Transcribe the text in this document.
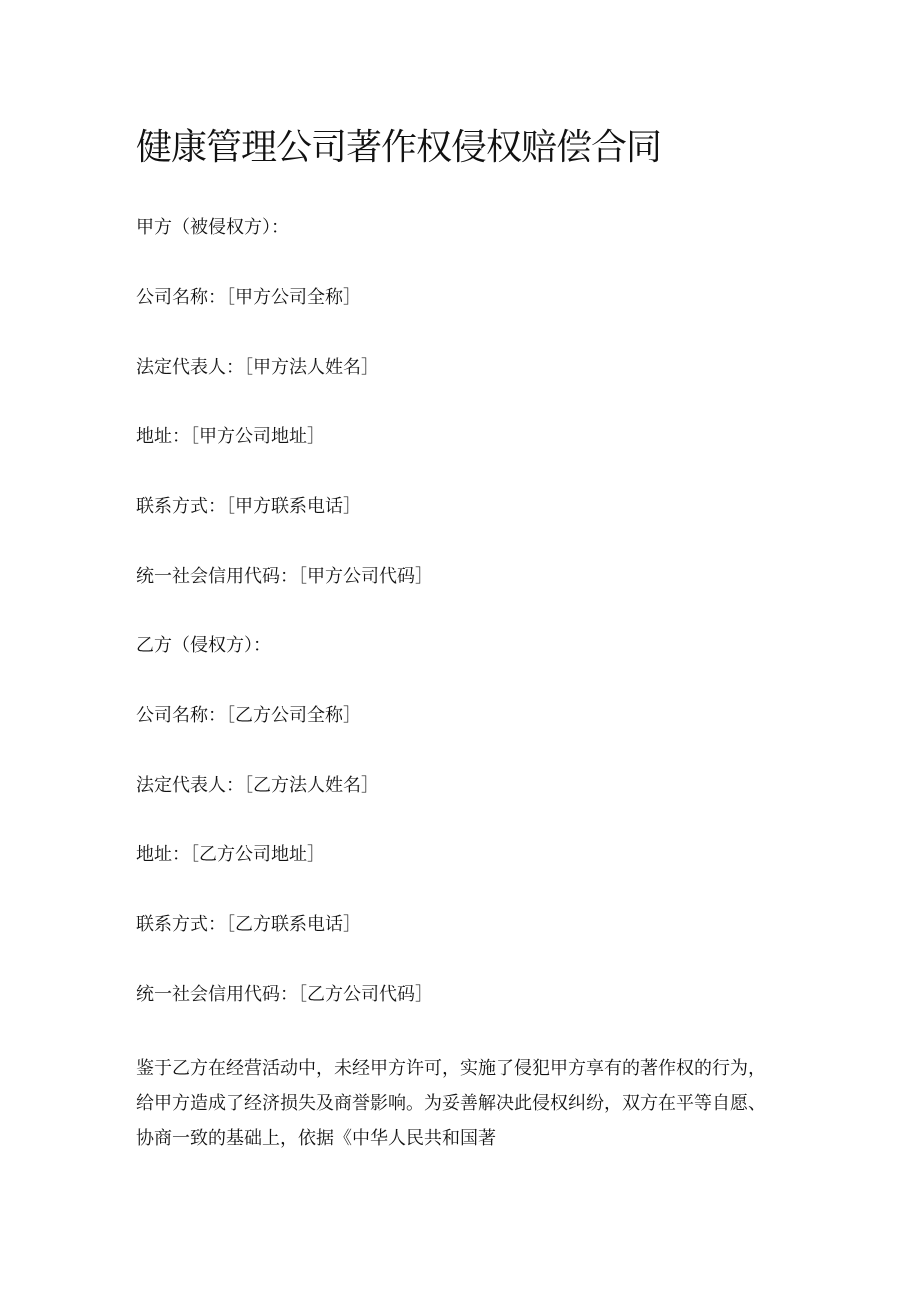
健康管理公司著作权侵权赔偿合同

甲方（被侵权方）：

公司名称：［甲方公司全称］

法定代表人：［甲方法人姓名］

地址：［甲方公司地址］

联系方式：［甲方联系电话］

统一社会信用代码：［甲方公司代码］

乙方（侵权方）：

公司名称：［乙方公司全称］

法定代表人：［乙方法人姓名］

地址：［乙方公司地址］

联系方式：［乙方联系电话］

统一社会信用代码：［乙方公司代码］

鉴于乙方在经营活动中，未经甲方许可，实施了侵犯甲方享有的著作权的行为，
给甲方造成了经济损失及商誉影响。为妥善解决此侵权纠纷，双方在平等自愿、
协商一致的基础上，依据《中华人民共和国著
